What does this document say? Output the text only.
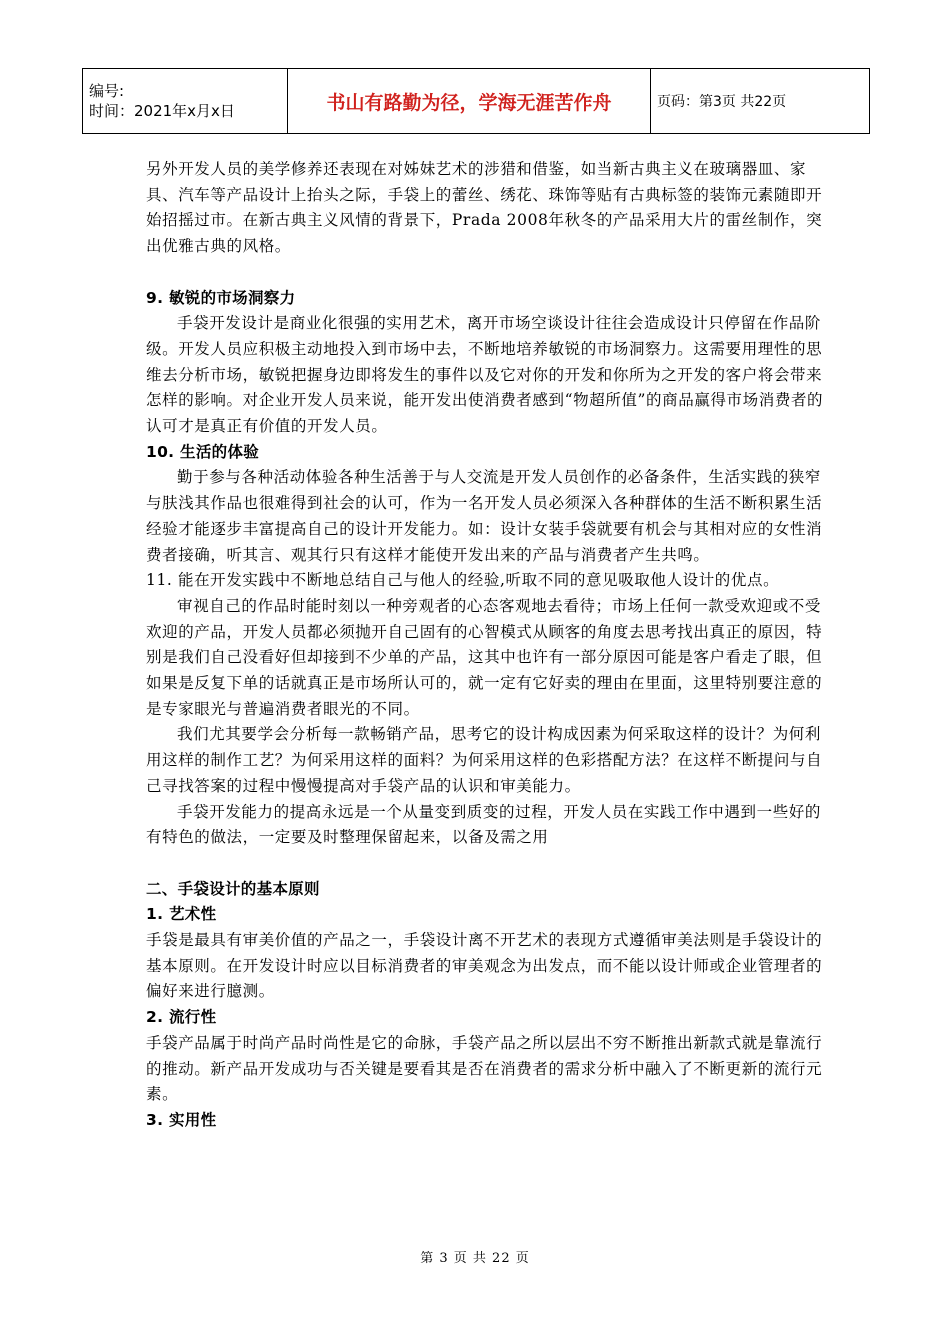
编号:
时间：2021年x月x日	书山有路勤为径，学海无涯苦作舟	页码：第3页 共22页

另外开发人员的美学修养还表现在对姊妹艺术的涉猎和借鉴，如当新古典主义在玻璃器皿、家具、汽车等产品设计上抬头之际，手袋上的蕾丝、绣花、珠饰等贴有古典标签的装饰元素随即开始招摇过市。在新古典主义风情的背景下，Prada 2008年秋冬的产品采用大片的雷丝制作，突出优雅古典的风格。

9. 敏锐的市场洞察力

手袋开发设计是商业化很强的实用艺术，离开市场空谈设计往往会造成设计只停留在作品阶级。开发人员应积极主动地投入到市场中去，不断地培养敏锐的市场洞察力。这需要用理性的思维去分析市场，敏锐把握身边即将发生的事件以及它对你的开发和你所为之开发的客户将会带来怎样的影响。对企业开发人员来说，能开发出使消费者感到“物超所值”的商品赢得市场消费者的认可才是真正有价值的开发人员。

10. 生活的体验

勤于参与各种活动体验各种生活善于与人交流是开发人员创作的必备条件，生活实践的狭窄与肤浅其作品也很难得到社会的认可，作为一名开发人员必须深入各种群体的生活不断积累生活经验才能逐步丰富提高自己的设计开发能力。如：设计女装手袋就要有机会与其相对应的女性消费者接确，听其言、观其行只有这样才能使开发出来的产品与消费者产生共鸣。

11. 能在开发实践中不断地总结自己与他人的经验,听取不同的意见吸取他人设计的优点。

审视自己的作品时能时刻以一种旁观者的心态客观地去看待；市场上任何一款受欢迎或不受欢迎的产品，开发人员都必须抛开自己固有的心智模式从顾客的角度去思考找出真正的原因，特别是我们自己没看好但却接到不少单的产品，这其中也许有一部分原因可能是客户看走了眼，但如果是反复下单的话就真正是市场所认可的，就一定有它好卖的理由在里面，这里特别要注意的是专家眼光与普遍消费者眼光的不同。

我们尤其要学会分析每一款畅销产品，思考它的设计构成因素为何采取这样的设计？为何利用这样的制作工艺？为何采用这样的面料？为何采用这样的色彩搭配方法？在这样不断提问与自己寻找答案的过程中慢慢提高对手袋产品的认识和审美能力。

手袋开发能力的提高永远是一个从量变到质变的过程，开发人员在实践工作中遇到一些好的有特色的做法，一定要及时整理保留起来，以备及需之用

二、手袋设计的基本原则

1. 艺术性

手袋是最具有审美价值的产品之一，手袋设计离不开艺术的表现方式遵循审美法则是手袋设计的基本原则。在开发设计时应以目标消费者的审美观念为出发点，而不能以设计师或企业管理者的偏好来进行臆测。

2. 流行性

手袋产品属于时尚产品时尚性是它的命脉，手袋产品之所以层出不穷不断推出新款式就是靠流行的推动。新产品开发成功与否关键是要看其是否在消费者的需求分析中融入了不断更新的流行元素。

3. 实用性

第 3 页 共 22 页
